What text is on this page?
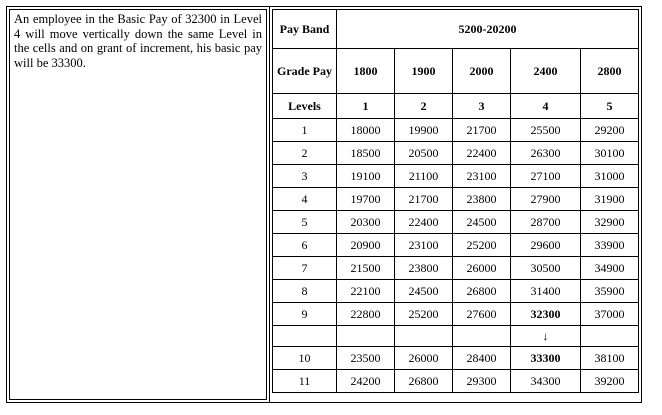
An employee in the Basic Pay of 32300 in Level 4 will move vertically down the same Level in the cells and on grant of increment, his basic pay will be 33300.

Pay Band	5200-20200
Grade Pay	1800	1900	2000	2400	2800
Levels	1	2	3	4	5
1	18000	19900	21700	25500	29200
2	18500	20500	22400	26300	30100
3	19100	21100	23100	27100	31000
4	19700	21700	23800	27900	31900
5	20300	22400	24500	28700	32900
6	20900	23100	25200	29600	33900
7	21500	23800	26000	30500	34900
8	22100	24500	26800	31400	35900
9	22800	25200	27600	32300	37000
				↓	
10	23500	26000	28400	33300	38100
11	24200	26800	29300	34300	39200
